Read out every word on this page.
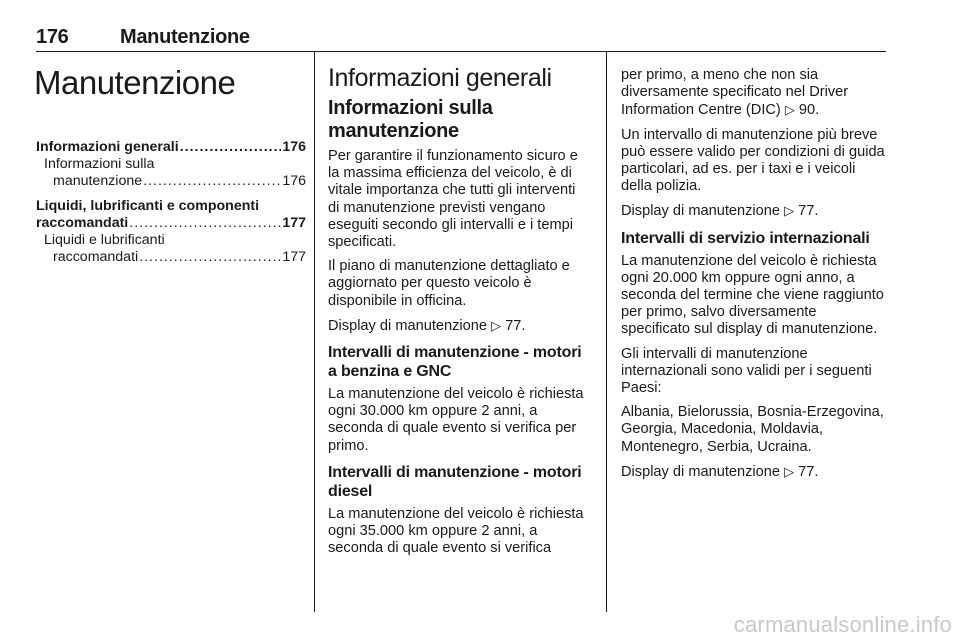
176	Manutenzione
Manutenzione
Informazioni generali .....	176
Informazioni sulla
manutenzione .....	176
Liquidi, lubrificanti e componenti
raccomandati .....	177
Liquidi e lubrificanti
raccomandati .....	177
Informazioni generali
Informazioni sulla
manutenzione

Per garantire il funzionamento sicuro e la massima efficienza del veicolo, è di vitale importanza che tutti gli interventi di manutenzione previsti vengano eseguiti secondo gli intervalli e i tempi specificati.

Il piano di manutenzione dettagliato e aggiornato per questo veicolo è disponibile in officina.

Display di manutenzione ▷ 77.

Intervalli di manutenzione - motori a benzina e GNC

La manutenzione del veicolo è richiesta ogni 30.000 km oppure 2 anni, a seconda di quale evento si verifica per primo.

Intervalli di manutenzione - motori diesel

La manutenzione del veicolo è richiesta ogni 35.000 km oppure 2 anni, a seconda di quale evento si verifica

per primo, a meno che non sia diversamente specificato nel Driver Information Centre (DIC) ▷ 90.

Un intervallo di manutenzione più breve può essere valido per condizioni di guida particolari, ad es. per i taxi e i veicoli della polizia.

Display di manutenzione ▷ 77.

Intervalli di servizio internazionali

La manutenzione del veicolo è richiesta ogni 20.000 km oppure ogni anno, a seconda del termine che viene raggiunto per primo, salvo diversamente specificato sul display di manutenzione.

Gli intervalli di manutenzione internazionali sono validi per i seguenti Paesi:

Albania, Bielorussia, Bosnia-Erzegovina, Georgia, Macedonia, Moldavia, Montenegro, Serbia, Ucraina.

Display di manutenzione ▷ 77.

carmanualsonline.info
